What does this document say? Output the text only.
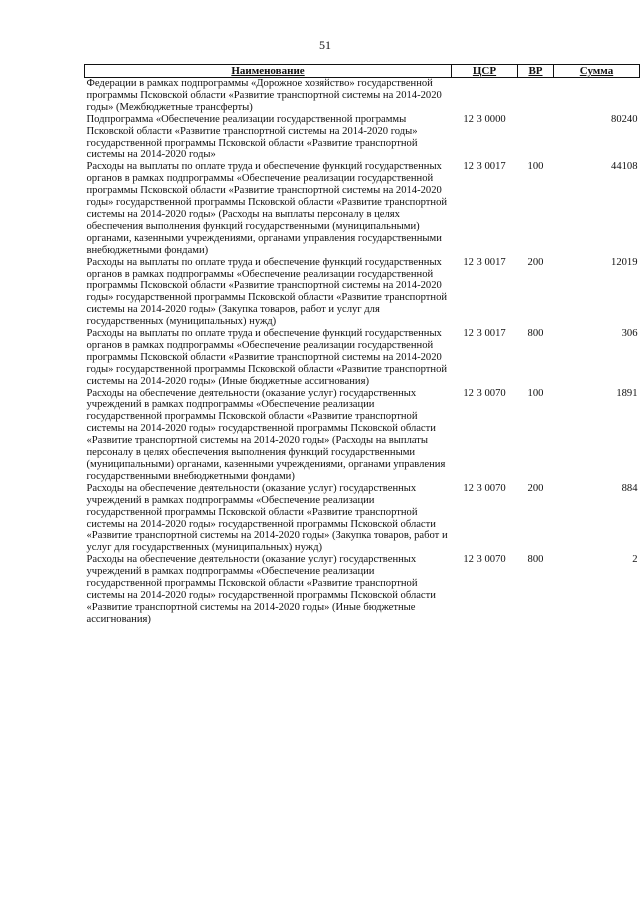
51
Наименование	ЦСР	ВР	Сумма
Федерации в рамках подпрограммы «Дорожное хозяйство» государственной программы Псковской области «Развитие транспортной системы на 2014-2020 годы» (Межбюджетные трансферты)			
Подпрограмма «Обеспечение реализации государственной программы Псковской области «Развитие транспортной системы на 2014-2020 годы» государственной программы Псковской области «Развитие транспортной системы на 2014-2020 годы»	12 3 0000		80240
Расходы на выплаты по оплате труда и обеспечение функций государственных органов в рамках подпрограммы «Обеспечение реализации государственной программы Псковской области «Развитие транспортной системы на 2014-2020 годы» государственной программы Псковской области «Развитие транспортной системы на 2014-2020 годы» (Расходы на выплаты персоналу в целях обеспечения выполнения функций государственными (муниципальными) органами, казенными учреждениями, органами управления государственными внебюджетными фондами)	12 3 0017	100	44108
Расходы на выплаты по оплате труда и обеспечение функций государственных органов в рамках подпрограммы «Обеспечение реализации государственной программы Псковской области «Развитие транспортной системы на 2014-2020 годы» государственной программы Псковской области «Развитие транспортной системы на 2014-2020 годы» (Закупка товаров, работ и услуг для государственных (муниципальных) нужд)	12 3 0017	200	12019
Расходы на выплаты по оплате труда и обеспечение функций государственных органов в рамках подпрограммы «Обеспечение реализации государственной программы Псковской области «Развитие транспортной системы на 2014-2020 годы» государственной программы Псковской области «Развитие транспортной системы на 2014-2020 годы» (Иные бюджетные ассигнования)	12 3 0017	800	306
Расходы на обеспечение деятельности (оказание услуг) государственных учреждений в рамках подпрограммы «Обеспечение реализации государственной программы Псковской области «Развитие транспортной системы на 2014-2020 годы» государственной программы Псковской области «Развитие транспортной системы на 2014-2020 годы» (Расходы на выплаты персоналу в целях обеспечения выполнения функций государственными (муниципальными) органами, казенными учреждениями, органами управления государственными внебюджетными фондами)	12 3 0070	100	1891
Расходы на обеспечение деятельности (оказание услуг) государственных учреждений в рамках подпрограммы «Обеспечение реализации государственной программы Псковской области «Развитие транспортной системы на 2014-2020 годы» государственной программы Псковской области «Развитие транспортной системы на 2014-2020 годы» (Закупка товаров, работ и услуг для государственных (муниципальных) нужд)	12 3 0070	200	884
Расходы на обеспечение деятельности (оказание услуг) государственных учреждений в рамках подпрограммы «Обеспечение реализации государственной программы Псковской области «Развитие транспортной системы на 2014-2020 годы» государственной программы Псковской области «Развитие транспортной системы на 2014-2020 годы» (Иные бюджетные ассигнования)	12 3 0070	800	2
